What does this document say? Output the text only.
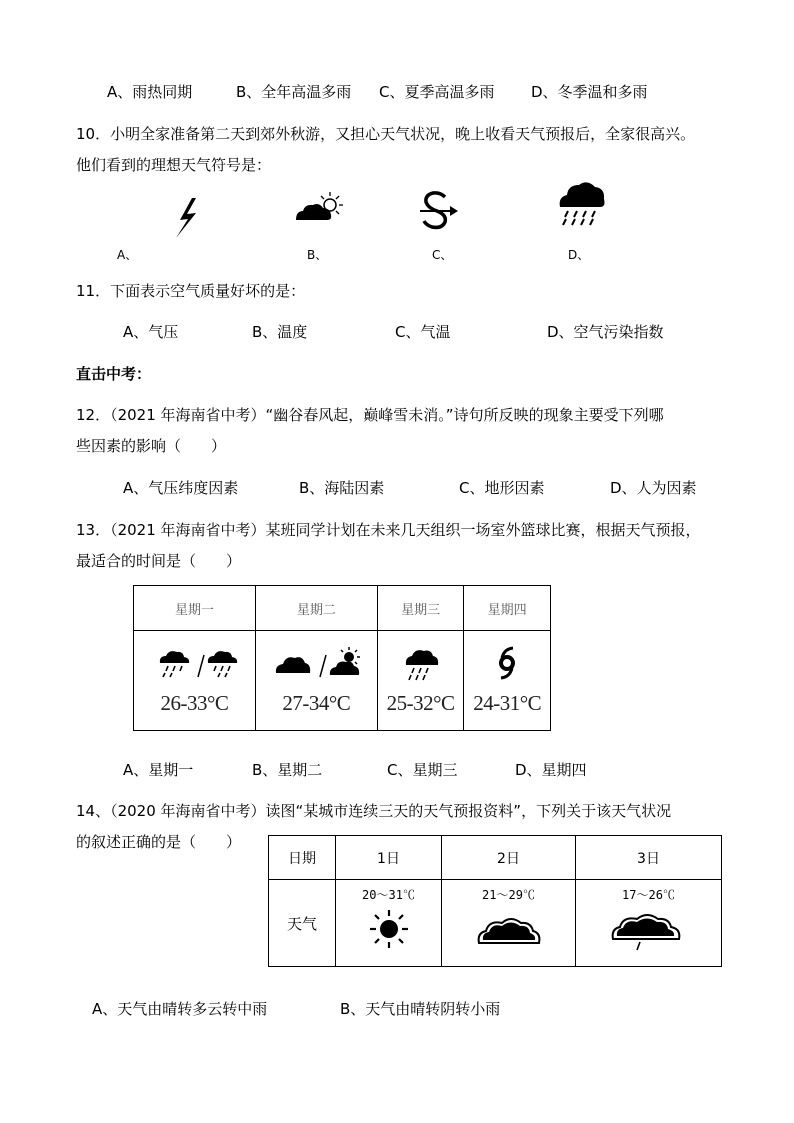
A、雨热同期	B、全年高温多雨 C、夏季高温多雨 D、冬季温和多雨
10．小明全家准备第二天到郊外秋游，又担心天气状况，晚上收看天气预报后，全家很高兴。
他们看到的理想天气符号是：
A、	B、	C、	D、
11．下面表示空气质量好坏的是：
A、气压	B、温度	C、气温	D、空气污染指数
直击中考：
12．（2021 年海南省中考）“幽谷春风起，巅峰雪未消。”诗句所反映的现象主要受下列哪
些因素的影响（　　）
A、气压纬度因素	B、海陆因素	C、地形因素	D、人为因素
13．（2021 年海南省中考）某班同学计划在未来几天组织一场室外篮球比赛，根据天气预报，
最适合的时间是（　　）
星期一	星期二	星期三	星期四

26-33°C	27-34°C	25-32°C	24-31°C
A、星期一	B、星期二	C、星期三	D、星期四
14、（2020 年海南省中考）读图“某城市连续三天的天气预报资料”，下列关于该天气状况
的叙述正确的是（　　）
日期	1日	2日	3日
天气	20～31℃	21～29℃	17～26℃
A、天气由晴转多云转中雨	B、天气由晴转阴转小雨
